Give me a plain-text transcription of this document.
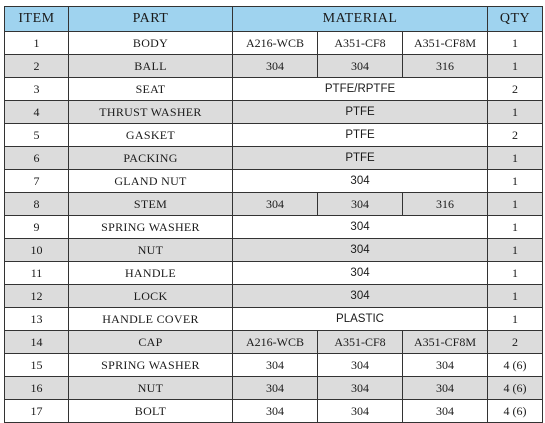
ITEM	PART	MATERIAL			QTY
1	BODY	A216-WCB	A351-CF8	A351-CF8M	1
2	BALL	304	304	316	1
3	SEAT	PTFE/RPTFE			2
4	THRUST WASHER	PTFE			1
5	GASKET	PTFE			2
6	PACKING	PTFE			1
7	GLAND NUT	304			1
8	STEM	304	304	316	1
9	SPRING WASHER	304			1
10	NUT	304			1
11	HANDLE	304			1
12	LOCK	304			1
13	HANDLE COVER	PLASTIC			1
14	CAP	A216-WCB	A351-CF8	A351-CF8M	2
15	SPRING WASHER	304	304	304	4 (6)
16	NUT	304	304	304	4 (6)
17	BOLT	304	304	304	4 (6)
